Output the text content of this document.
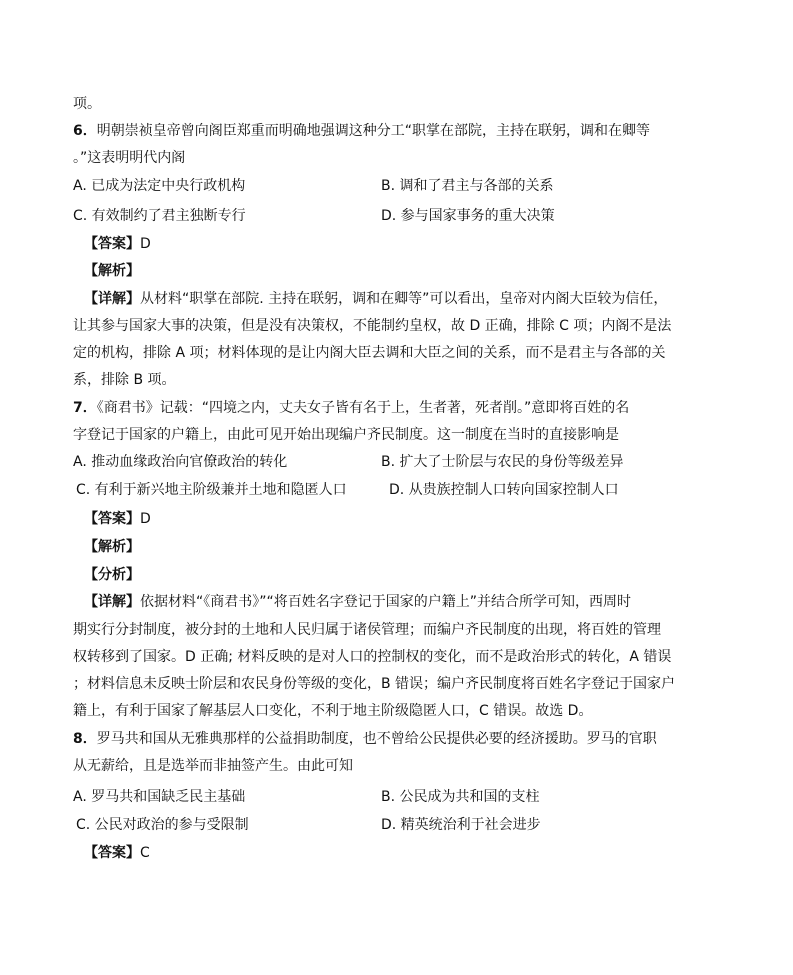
项。
6．明朝崇祯皇帝曾向阁臣郑重而明确地强调这种分工“职掌在部院，主持在联躬，调和在卿等
。”这表明明代内阁
A. 已成为法定中央行政机构	B. 调和了君主与各部的关系
C. 有效制约了君主独断专行	D. 参与国家事务的重大决策
【答案】D
【解析】
【详解】从材料“职掌在部院. 主持在联躬，调和在卿等”可以看出，皇帝对内阁大臣较为信任，
让其参与国家大事的决策，但是没有决策权，不能制约皇权，故 D 正确，排除 C 项；内阁不是法
定的机构，排除 A 项；材料体现的是让内阁大臣去调和大臣之间的关系，而不是君主与各部的关
系，排除 B 项。
7．《商君书》记载：“四境之内，丈夫女子皆有名于上，生者著，死者削。”意即将百姓的名
字登记于国家的户籍上，由此可见开始出现编户齐民制度。这一制度在当时的直接影响是
A. 推动血缘政治向官僚政治的转化	B. 扩大了士阶层与农民的身份等级差异
C. 有利于新兴地主阶级兼并土地和隐匿人口	D. 从贵族控制人口转向国家控制人口
【答案】D
【解析】
【分析】
【详解】依据材料“《商君书》”“将百姓名字登记于国家的户籍上”并结合所学可知，西周时
期实行分封制度，被分封的土地和人民归属于诸侯管理；而编户齐民制度的出现，将百姓的管理
权转移到了国家。D 正确; 材料反映的是对人口的控制权的变化，而不是政治形式的转化，A 错误
；材料信息未反映士阶层和农民身份等级的变化，B 错误；编户齐民制度将百姓名字登记于国家户
籍上，有利于国家了解基层人口变化，不利于地主阶级隐匿人口，C 错误。故选 D。
8．罗马共和国从无雅典那样的公益捐助制度，也不曾给公民提供必要的经济援助。罗马的官职
从无薪给，且是选举而非抽签产生。由此可知
A. 罗马共和国缺乏民主基础	B. 公民成为共和国的支柱
C. 公民对政治的参与受限制	D. 精英统治利于社会进步
【答案】C
